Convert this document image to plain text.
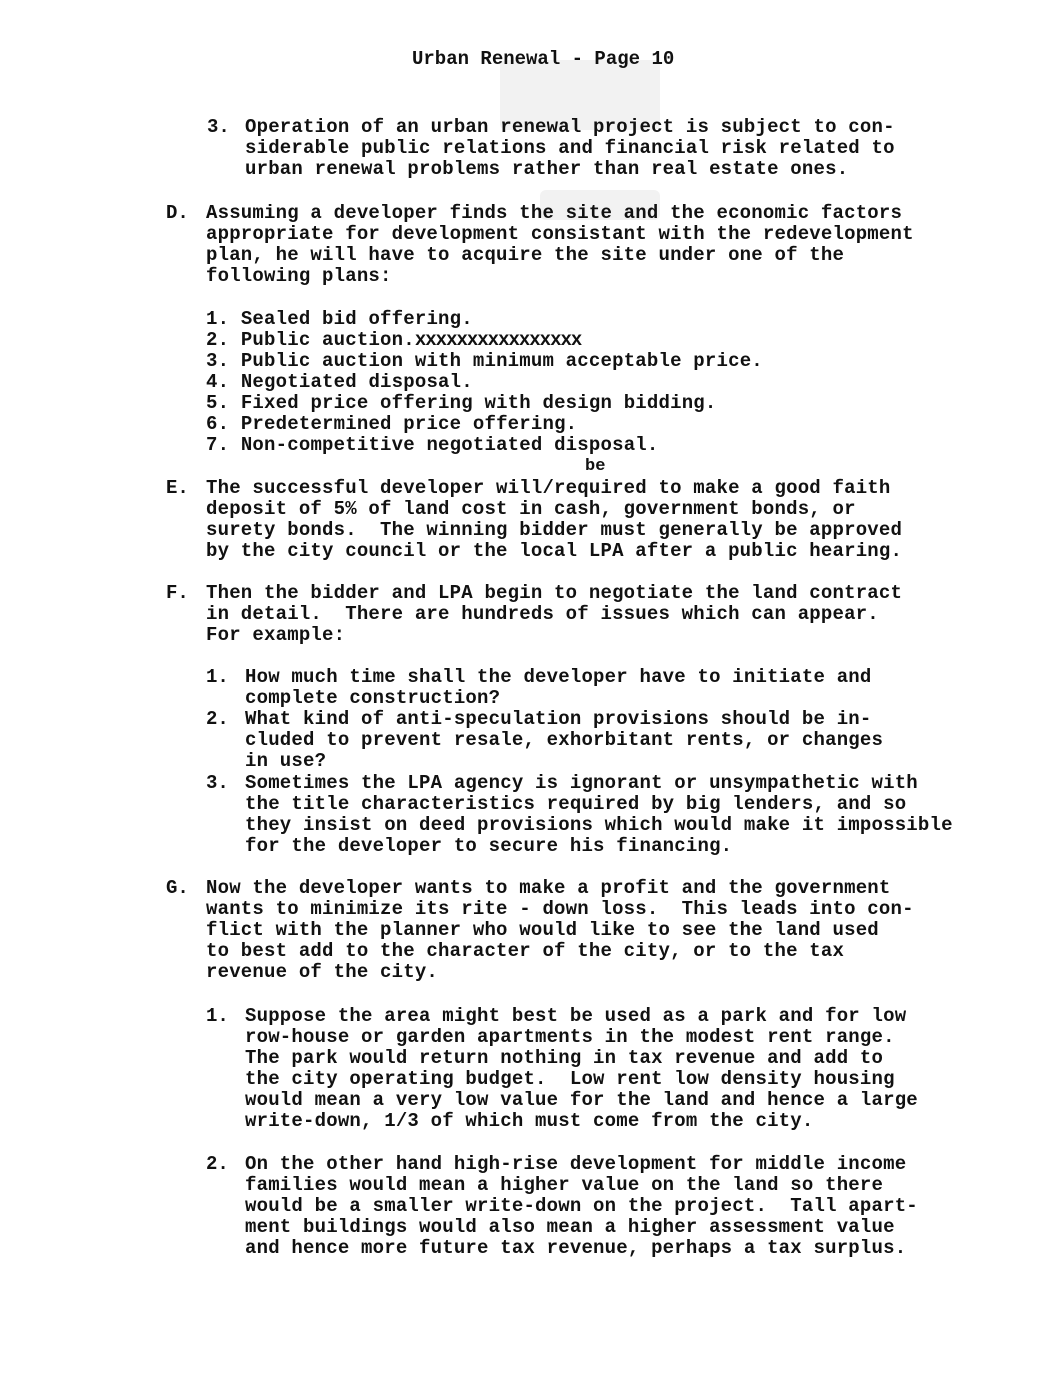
Urban Renewal - Page 10
3. Operation of an urban renewal project is subject to con-
siderable public relations and financial risk related to
urban renewal problems rather than real estate ones.
D. Assuming a developer finds the site and the economic factors
appropriate for development consistant with the redevelopment
plan, he will have to acquire the site under one of the
following plans:
1. Sealed bid offering.
2. Public auction.xxxxxxxxxxxxxxxx
3. Public auction with minimum acceptable price.
4. Negotiated disposal.
5. Fixed price offering with design bidding.
6. Predetermined price offering.
7. Non-competitive negotiated disposal.
be
E. The successful developer will/required to make a good faith
deposit of 5% of land cost in cash, government bonds, or
surety bonds.  The winning bidder must generally be approved
by the city council or the local LPA after a public hearing.
F. Then the bidder and LPA begin to negotiate the land contract
in detail.  There are hundreds of issues which can appear.
For example:
1. How much time shall the developer have to initiate and
complete construction?
2. What kind of anti-speculation provisions should be in-
cluded to prevent resale, exhorbitant rents, or changes
in use?
3. Sometimes the LPA agency is ignorant or unsympathetic with
the title characteristics required by big lenders, and so
they insist on deed provisions which would make it impossible
for the developer to secure his financing.
G. Now the developer wants to make a profit and the government
wants to minimize its rite - down loss.  This leads into con-
flict with the planner who would like to see the land used
to best add to the character of the city, or to the tax
revenue of the city.
1. Suppose the area might best be used as a park and for low
row-house or garden apartments in the modest rent range.
The park would return nothing in tax revenue and add to
the city operating budget.  Low rent low density housing
would mean a very low value for the land and hence a large
write-down, 1/3 of which must come from the city.
2. On the other hand high-rise development for middle income
families would mean a higher value on the land so there
would be a smaller write-down on the project.  Tall apart-
ment buildings would also mean a higher assessment value
and hence more future tax revenue, perhaps a tax surplus.
